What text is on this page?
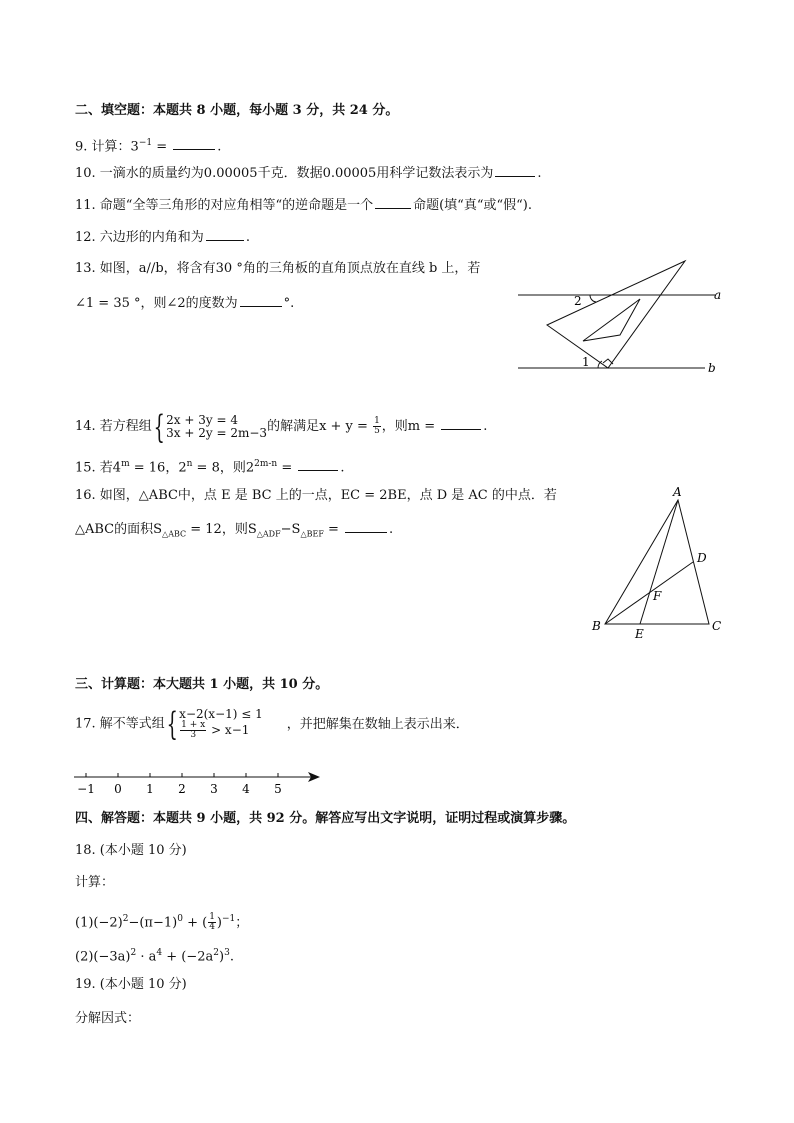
二、填空题：本题共 8 小题，每小题 3 分，共 24 分。
9. 计算：$3^{-1}$ =	.
10. 一滴水的质量约为0.00005千克．数据0.00005用科学记数法表示为	.
11. 命题“全等三角形的对应角相等“的逆命题是一个	命题(填“真“或“假“).
12. 六边形的内角和为	.
13. 如图，a//b，将含有30 °角的三角板的直角顶点放在直线 b 上，若
∠1 = 35 °，则∠2的度数为	°.
a
b
1
2
14. 若方程组{ 2x + 3y = 4
3x + 2y = 2m−3 的解满足$x + y = \frac{1}{5}$ ，则m =	.
15. 若$4^m = 16$，$2^n = 8$，则$2^{2m-n}$ =	.
16. 如图，△ABC中，点 E 是 BC 上的一点，EC = 2BE，点 D 是 AC 的中点．若
△ABC的面积$S_{\triangle ABC} = 12$，则$S_{\triangle ADF}-S_{\triangle BEF}$ =	.
A
B	C
D
E
F
三、计算题：本大题共 1 小题，共 10 分。
17. 解不等式组{ x−2(x−1) ≤ 1
$\frac{1 + x}{3} > x-1$	，并把解集在数轴上表示出来．
−1 0 1 2 3 4 5
四、解答题：本题共 9 小题，共 92 分。解答应写出文字说明，证明过程或演算步骤。
18. (本小题 10 分)
计算：
$(1)(-2)^2-(\pi-1)^0$ + ( $\frac{1}{4} )^{-1}$；
$(2)(-3a)^2 \cdot a^4 + (-2a^2)^3$.
19. (本小题 10 分)
分解因式：
